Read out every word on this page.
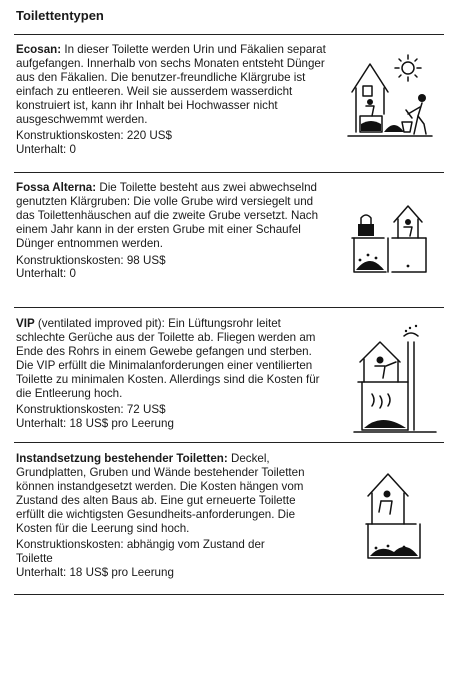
Toilettentypen

Ecosan: In dieser Toilette werden Urin und Fäkalien separat aufgefangen. Innerhalb von sechs Monaten entsteht Dünger aus den Fäkalien. Die benutzer-freundliche Klärgrube ist einfach zu entleeren. Weil sie ausserdem wasserdicht konstruiert ist, kann ihr Inhalt bei Hochwasser nicht ausgeschwemmt werden.

Konstruktionskosten: 220 US$

Unterhalt: 0

Fossa Alterna: Die Toilette besteht aus zwei abwechselnd genutzten Klärgruben: Die volle Grube wird versiegelt und das Toilettenhäuschen auf die zweite Grube versetzt. Nach einem Jahr kann in der ersten Grube mit einer Schaufel Dünger entnommen werden.

Konstruktionskosten: 98 US$

Unterhalt: 0

VIP (ventilated improved pit): Ein Lüftungsrohr leitet schlechte Gerüche aus der Toilette ab. Fliegen werden am Ende des Rohrs in einem Gewebe gefangen und sterben. Die VIP erfüllt die Minimalanforderungen einer ventilierten Toilette zu minimalen Kosten. Allerdings sind die Kosten für die Entleerung hoch.

Konstruktionskosten: 72 US$

Unterhalt: 18 US$ pro Leerung

Instandsetzung bestehender Toiletten: Deckel, Grundplatten, Gruben und Wände bestehender Toiletten können instandgesetzt werden. Die Kosten hängen vom Zustand des alten Baus ab. Eine gut erneuerte Toilette erfüllt die wichtigsten Gesundheits-anforderungen. Die Kosten für die Leerung sind hoch.

Konstruktionskosten: abhängig vom Zustand der Toilette

Unterhalt: 18 US$ pro Leerung
